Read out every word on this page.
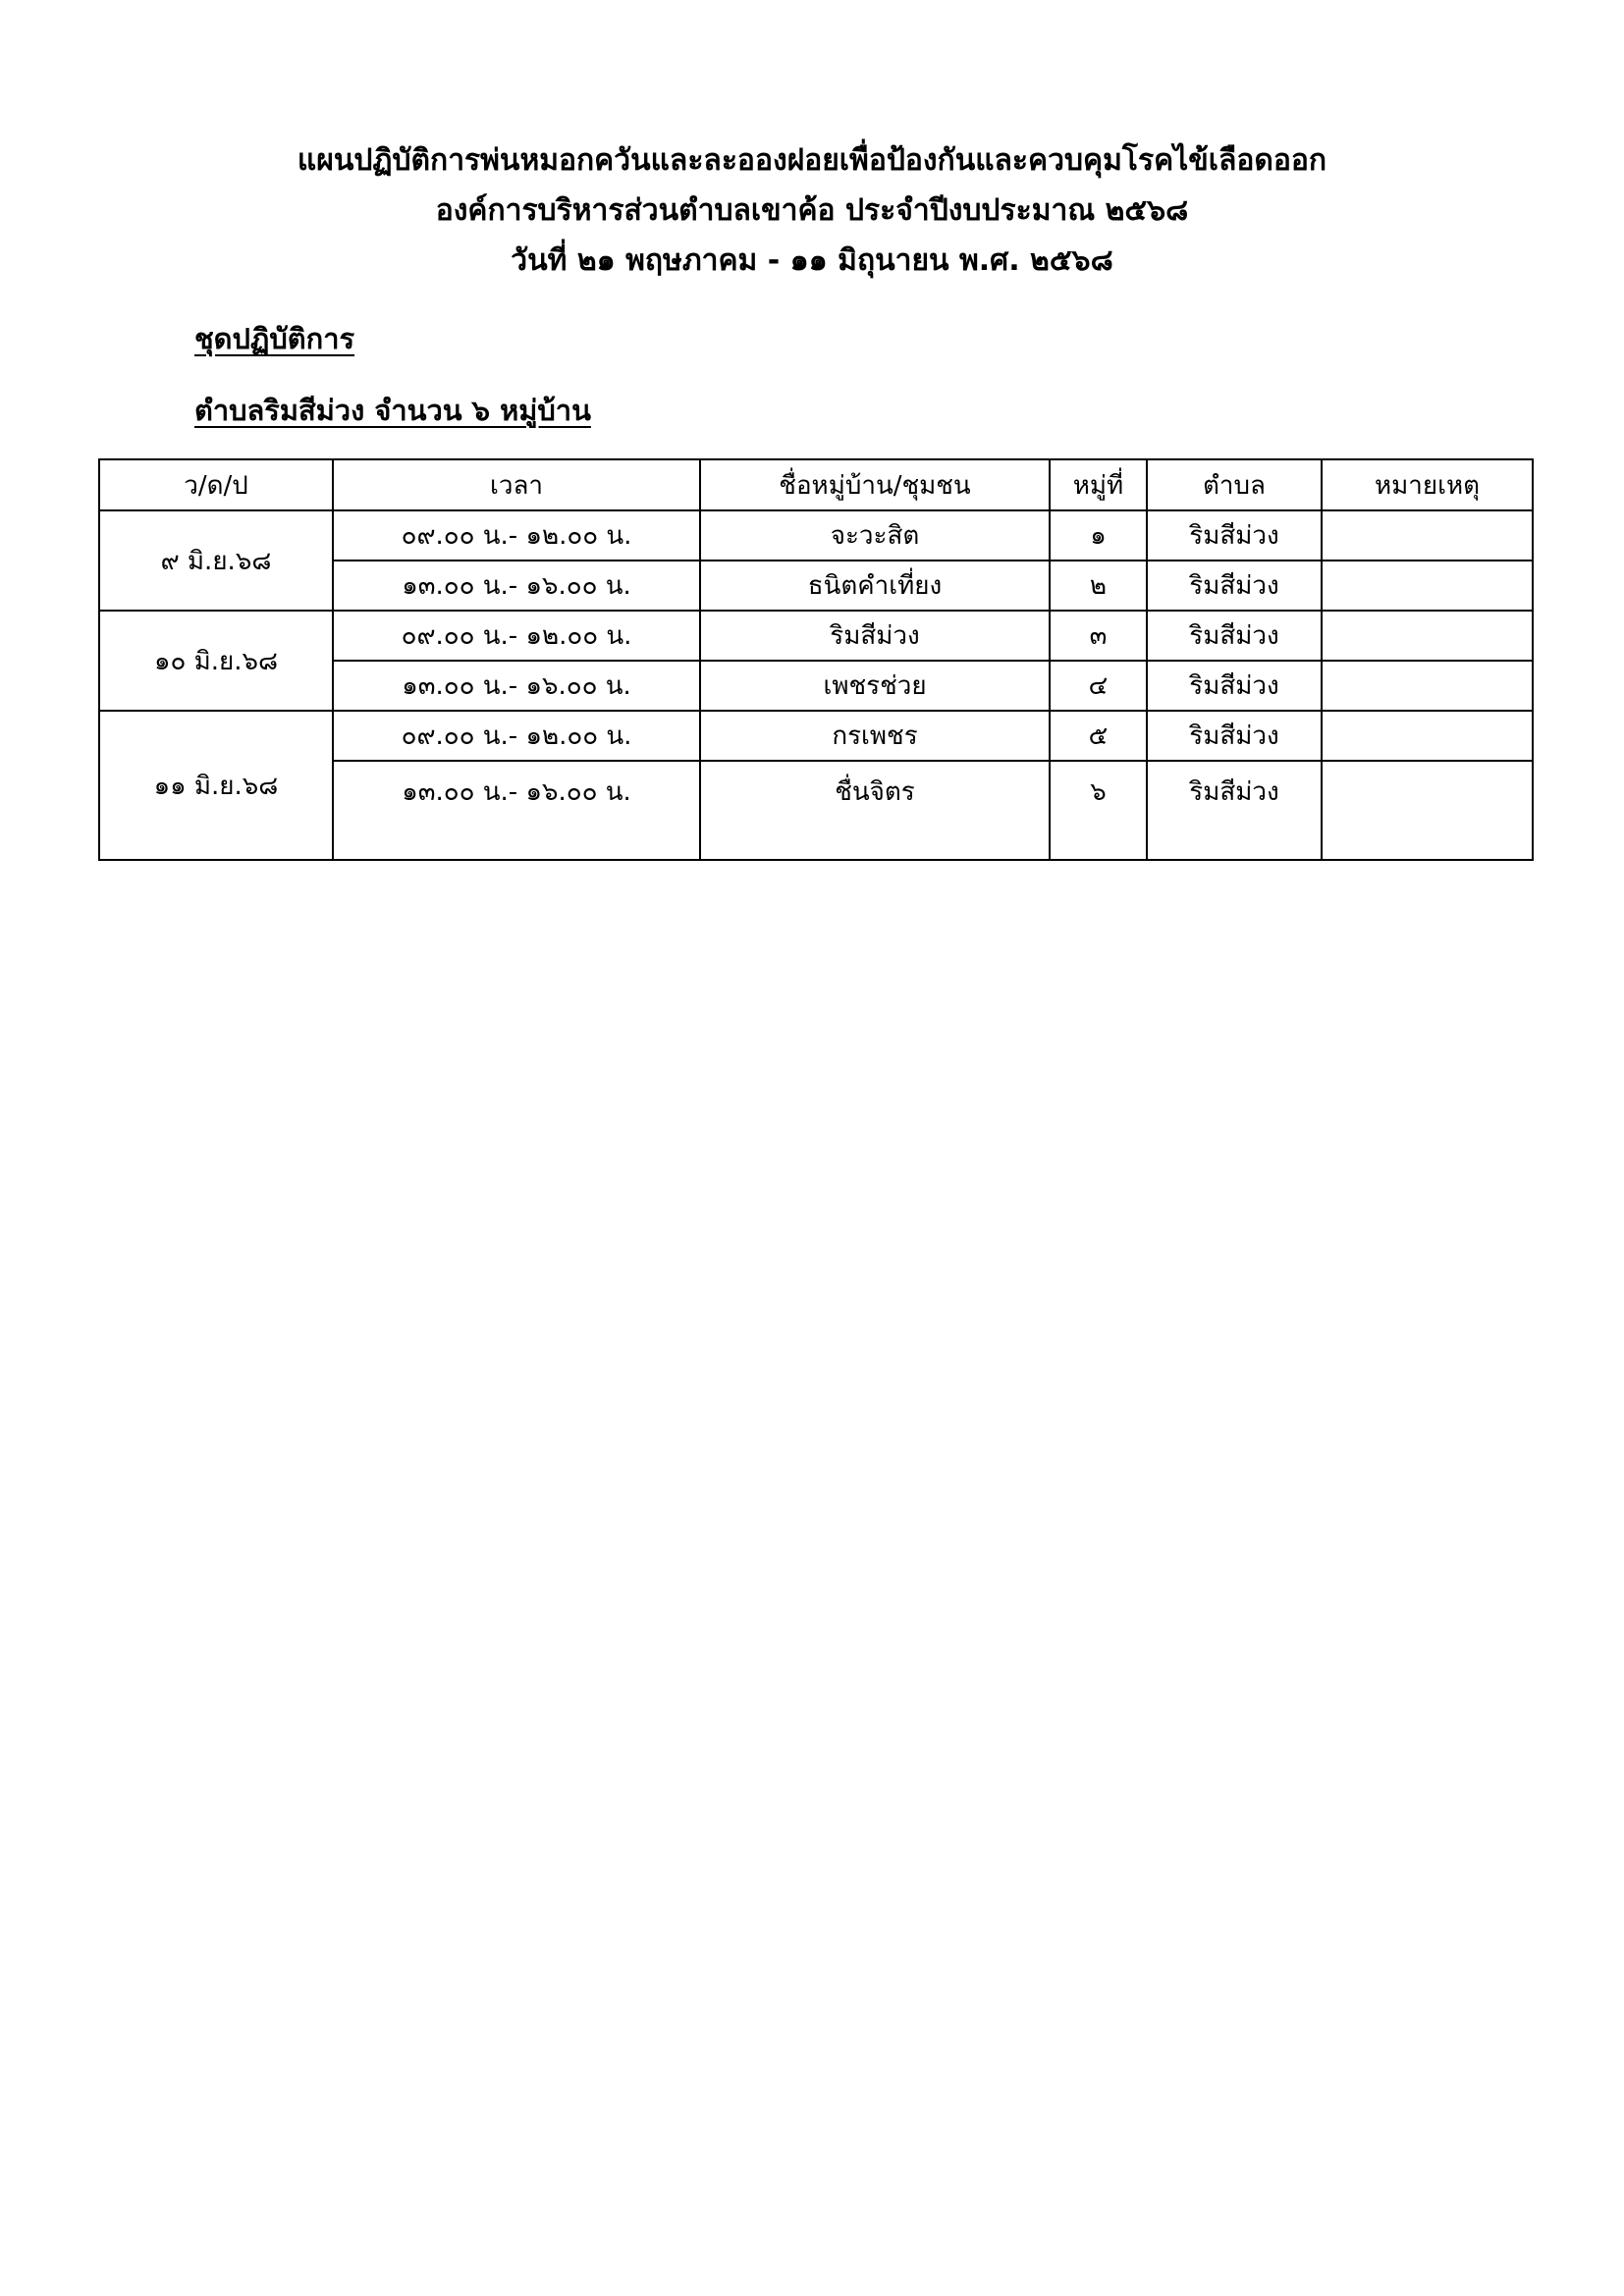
แผนปฏิบัติการพ่นหมอกควันและละอองฝอยเพื่อป้องกันและควบคุมโรคไข้เลือดออก
องค์การบริหารส่วนตำบลเขาค้อ ประจำปีงบประมาณ ๒๕๖๘
วันที่ ๒๑ พฤษภาคม - ๑๑ มิถุนายน พ.ศ. ๒๕๖๘
ชุดปฏิบัติการ
ตำบลริมสีม่วง จำนวน ๖ หมู่บ้าน
ว/ด/ป	เวลา	ชื่อหมู่บ้าน/ชุมชน	หมู่ที่	ตำบล	หมายเหตุ
๙ มิ.ย.๖๘	๐๙.๐๐ น.- ๑๒.๐๐ น.	จะวะสิต	๑	ริมสีม่วง	
	๑๓.๐๐ น.- ๑๖.๐๐ น.	ธนิตคำเที่ยง	๒	ริมสีม่วง	
๑๐ มิ.ย.๖๘	๐๙.๐๐ น.- ๑๒.๐๐ น.	ริมสีม่วง	๓	ริมสีม่วง	
	๑๓.๐๐ น.- ๑๖.๐๐ น.	เพชรช่วย	๔	ริมสีม่วง	
๑๑ มิ.ย.๖๘	๐๙.๐๐ น.- ๑๒.๐๐ น.	กรเพชร	๕	ริมสีม่วง	
	๑๓.๐๐ น.- ๑๖.๐๐ น.	ชื่นจิตร	๖	ริมสีม่วง	
